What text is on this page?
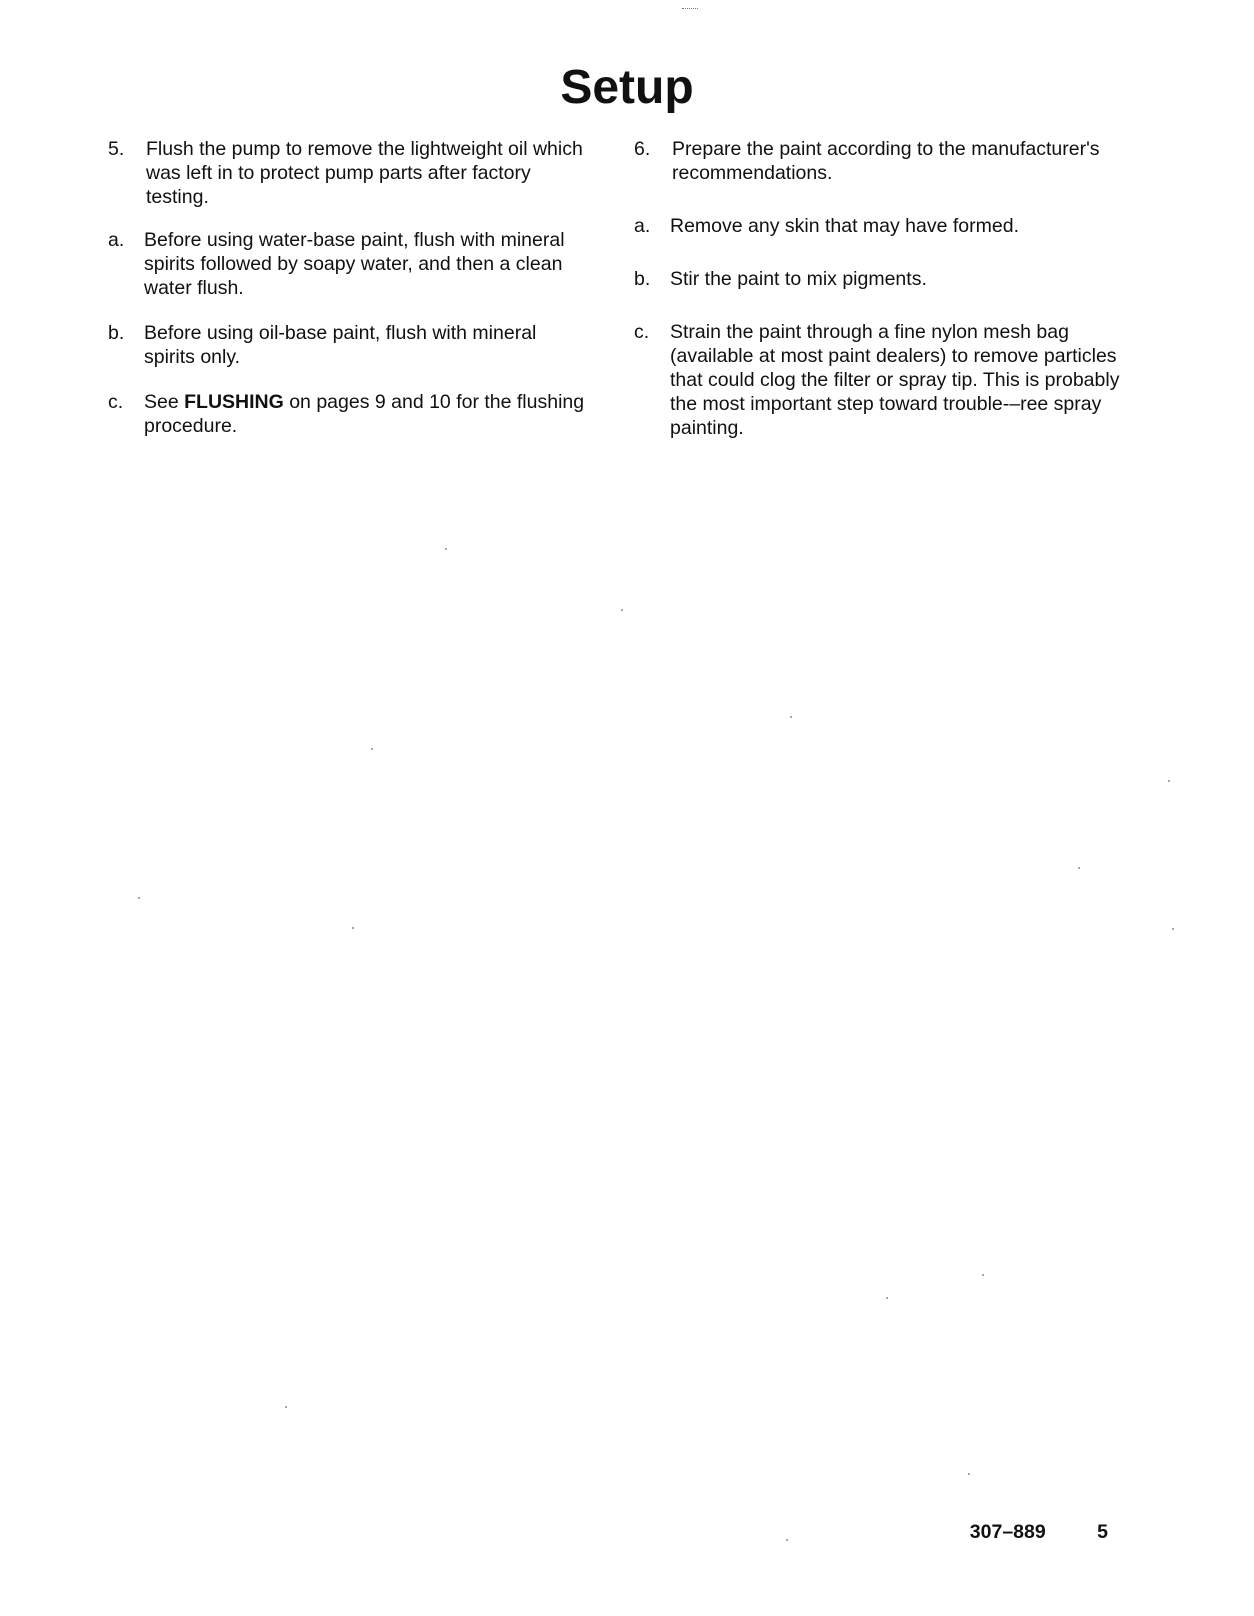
Setup
5. Flush the pump to remove the lightweight oil which was left in to protect pump parts after factory testing.
a. Before using water-base paint, flush with mineral spirits followed by soapy water, and then a clean water flush.
b. Before using oil-base paint, flush with mineral spirits only.
c. See FLUSHING on pages 9 and 10 for the flushing procedure.
6. Prepare the paint according to the manufacturer's recommendations.
a. Remove any skin that may have formed.
b. Stir the paint to mix pigments.
c. Strain the paint through a fine nylon mesh bag (available at most paint dealers) to remove particles that could clog the filter or spray tip. This is probably the most important step toward trouble-–ree spray painting.
307–889	5
